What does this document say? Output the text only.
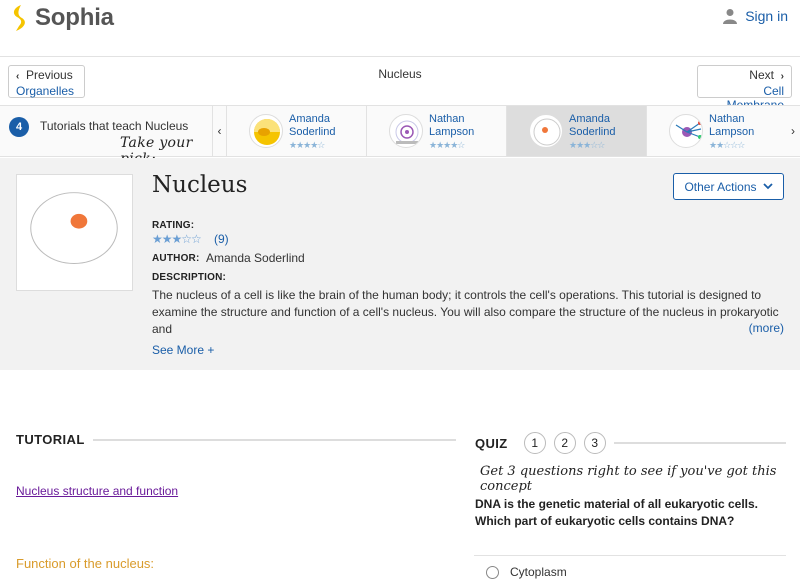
Sophia	Sign in
‹ Previous
Organelles
Nucleus	Next ›
Cell
4	Tutorials that teach Nucleus
Take your
‹
Amanda
Soderlind
★★★★☆
Nathan
Lampson
★★★★☆
Amanda
Soderlind
★★★☆☆
Nathan
Lampson
★★☆☆☆
›
Nucleus	Other Actions
RATING:
★★★☆☆ (9)
AUTHOR: Amanda Soderlind
DESCRIPTION:
The nucleus of a cell is like the brain of the human body; it controls the cell's operations. This tutorial is designed to examine the structure and function of a cell's nucleus. You will also compare the structure of the nucleus in prokaryotic and	(more)
See More +
TUTORIAL
Nucleus structure and function
Function of the nucleus:
QUIZ	1	2	3
Get 3 questions right to see if you've got this concept
DNA is the genetic material of all eukaryotic cells. Which part of eukaryotic cells contains DNA?
Cytoplasm
